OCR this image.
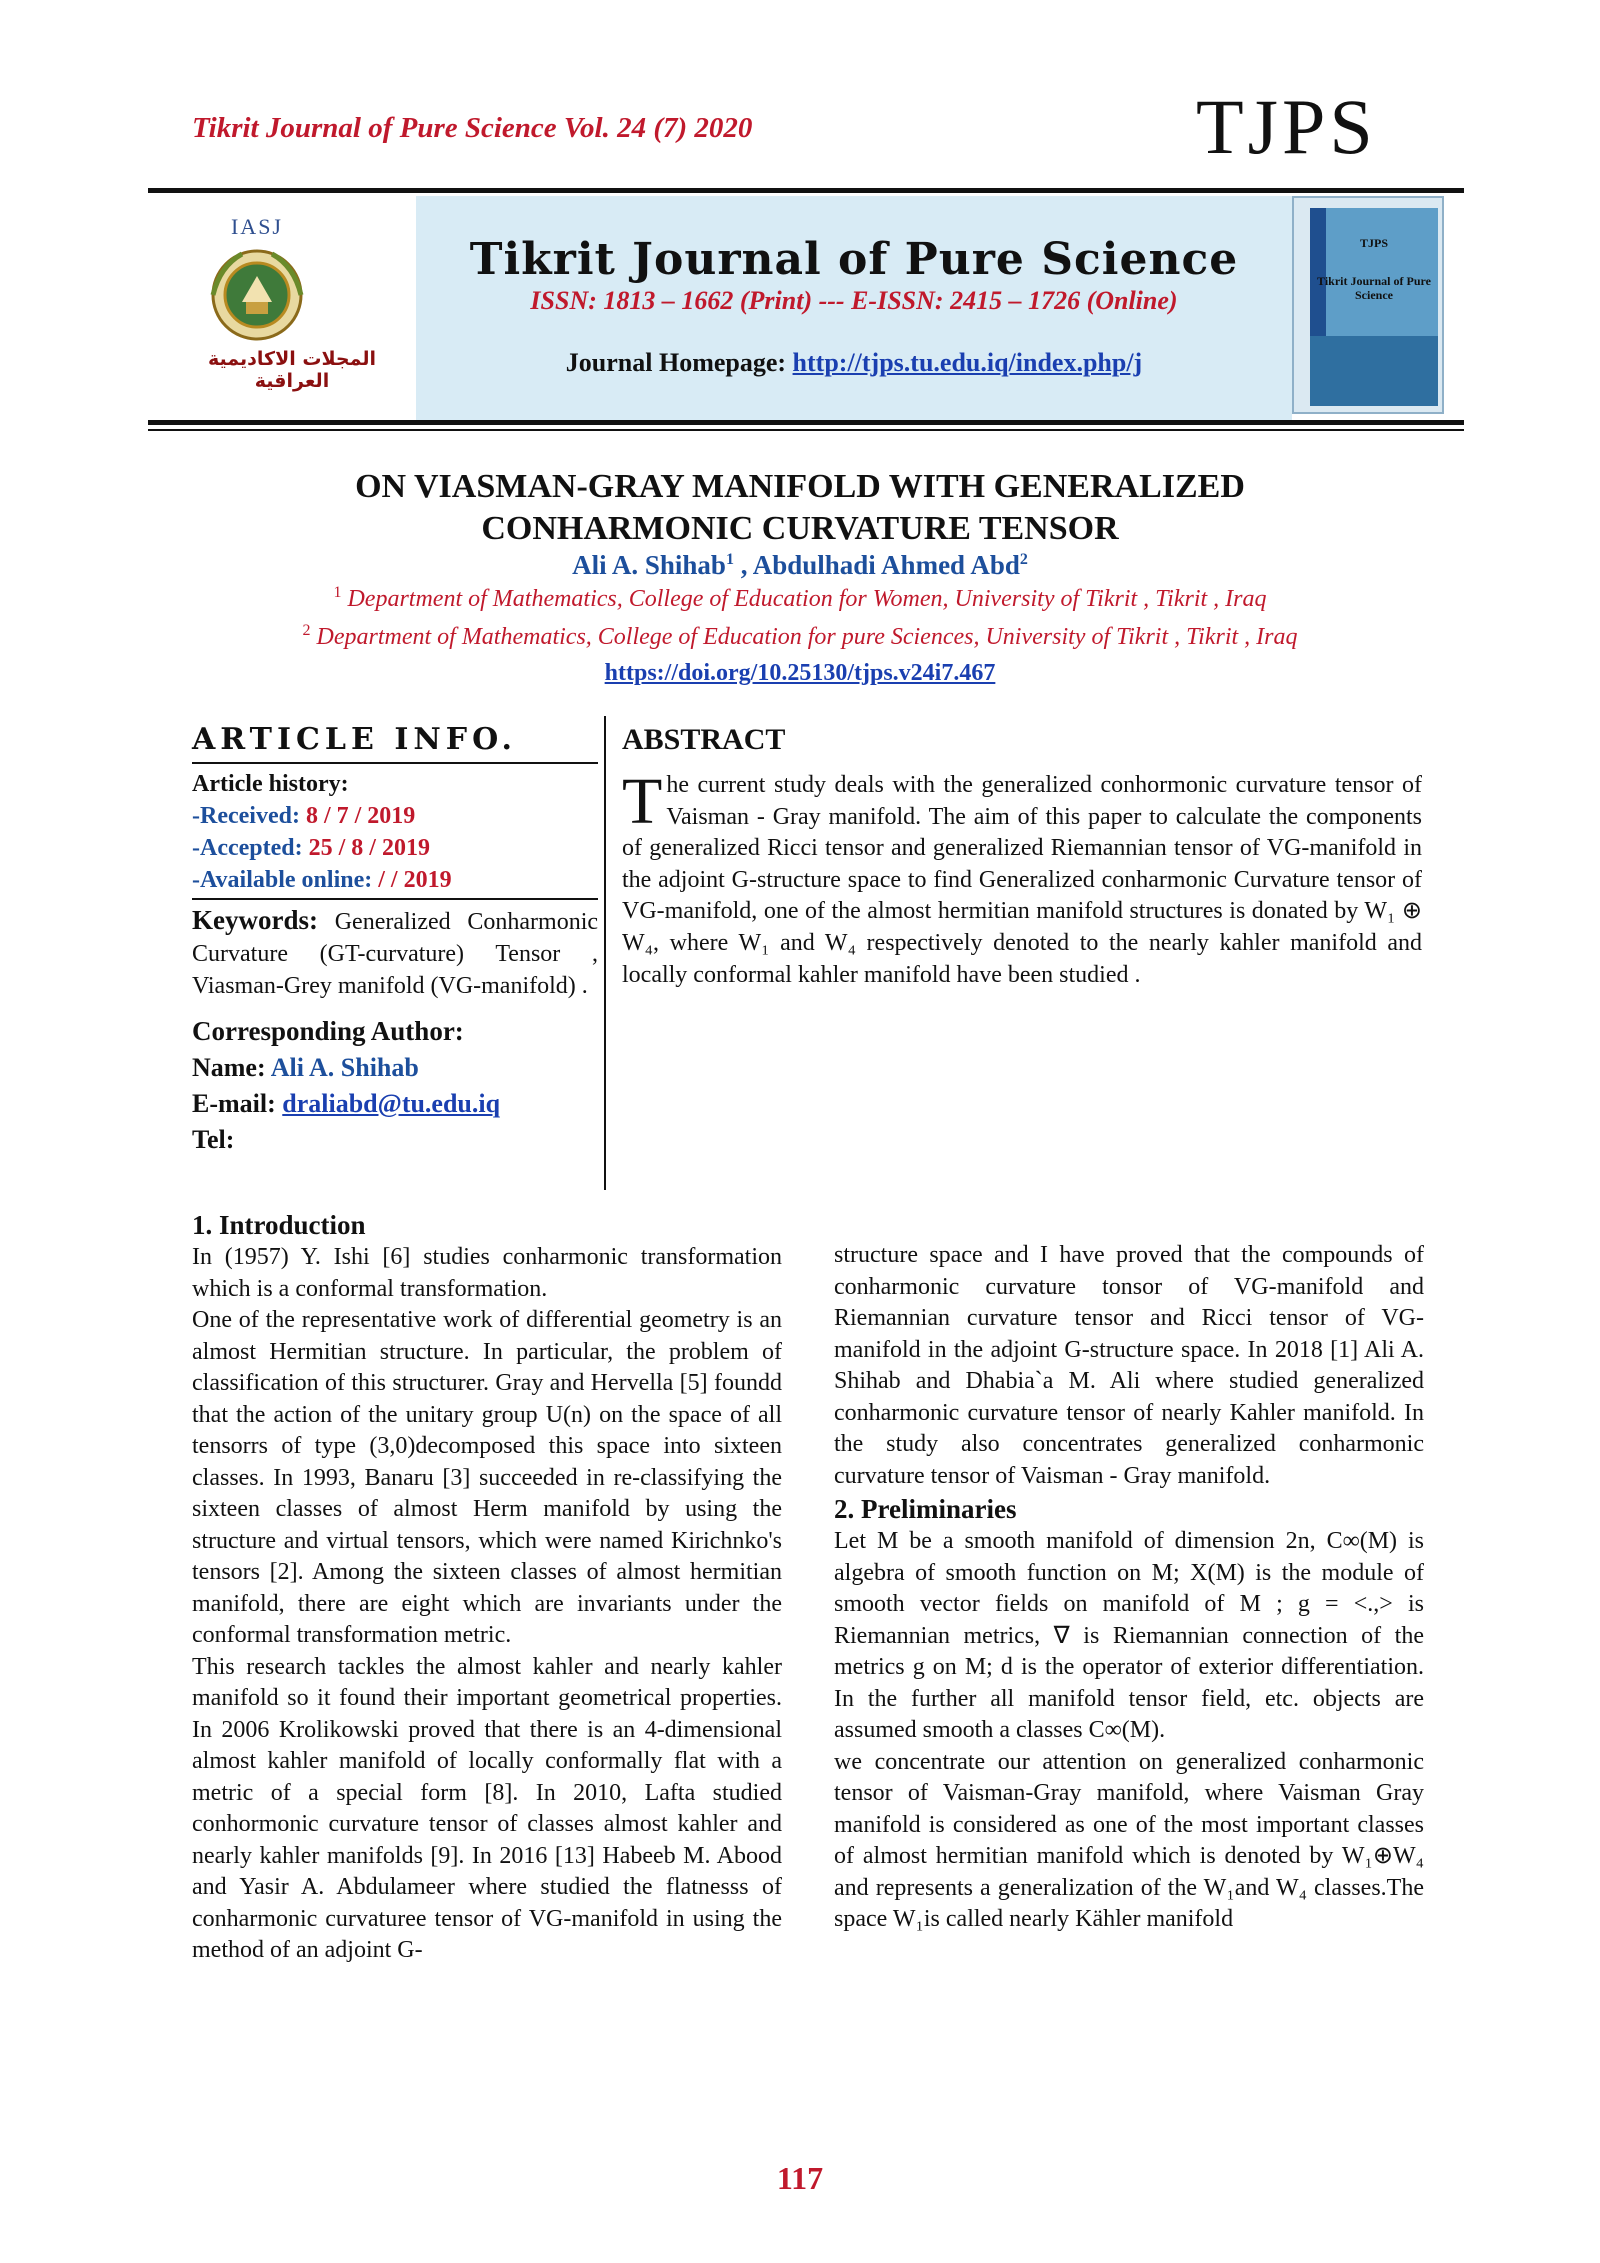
Tikrit Journal of Pure Science Vol. 24 (7) 2020	TJPS
IASJ
المجلات الاكاديمية العراقية
Tikrit Journal of Pure Science
ISSN: 1813 – 1662 (Print) --- E-ISSN: 2415 – 1726 (Online)
Journal Homepage: http://tjps.tu.edu.iq/index.php/j
TJPS
Tikrit Journal of Pure Science
ON VIASMAN-GRAY MANIFOLD WITH GENERALIZED
CONHARMONIC CURVATURE TENSOR
Ali A. Shihab$^1$ , Abdulhadi Ahmed Abd$^2$
$^1$ Department of Mathematics, College of Education for Women, University of Tikrit , Tikrit , Iraq
$^2$ Department of Mathematics, College of Education for pure Sciences, University of Tikrit , Tikrit , Iraq
https://doi.org/10.25130/tjps.v24i7.467
ARTICLE INFO.
Article history:
-Received: 8 / 7 / 2019
-Accepted: 25 / 8 / 2019
-Available online: / / 2019
Keywords: Generalized Conharmonic Curvature (GT-curvature) Tensor , Viasman-Grey manifold (VG-manifold) .
Corresponding Author:
Name: Ali A. Shihab
E-mail: draliabd@tu.edu.iq
Tel:
ABSTRACT
The current study deals with the generalized conhormonic curvature tensor of Vaisman - Gray manifold. The aim of this paper to calculate the components of generalized Ricci tensor and generalized Riemannian tensor of VG-manifold in the adjoint G-structure space to find Generalized conharmonic Curvature tensor of VG-manifold, one of the almost hermitian manifold structures is donated by W₁ ⊕ W₄, where W₁ and W₄ respectively denoted to the nearly kahler manifold and locally conformal kahler manifold have been studied .
1. Introduction

In (1957) Y. Ishi [6] studies conharmonic transformation which is a conformal transformation.

One of the representative work of differential geometry is an almost Hermitian structure. In particular, the problem of classification of this structurer. Gray and Hervella [5] foundd that the action of the unitary group U(n) on the space of all tensorrs of type (3,0)decomposed this space into sixteen classes. In 1993, Banaru [3] succeeded in re-classifying the sixteen classes of almost Herm manifold by using the structure and virtual tensors, which were named Kirichnko's tensors [2]. Among the sixteen classes of almost hermitian manifold, there are eight which are invariants under the conformal transformation metric.

This research tackles the almost kahler and nearly kahler manifold so it found their important geometrical properties. In 2006 Krolikowski proved that there is an 4-dimensional almost kahler manifold of locally conformally flat with a metric of a special form [8]. In 2010, Lafta studied conhormonic curvature tensor of classes almost kahler and nearly kahler manifolds [9]. In 2016 [13] Habeeb M. Abood and Yasir A. Abdulameer where studied the flatnesss of conharmonic curvaturee tensor of VG-manifold in using the method of an adjoint G-

structure space and I have proved that the compounds of conharmonic curvature tonsor of VG-manifold and Riemannian curvature tensor and Ricci tensor of VG-manifold in the adjoint G-structure space. In 2018 [1] Ali A. Shihab and Dhabia`a M. Ali where studied generalized conharmonic curvature tensor of nearly Kahler manifold. In the study also concentrates generalized conharmonic curvature tensor of Vaisman - Gray manifold.

2. Preliminaries

Let M be a smooth manifold of dimension 2n, C∞(M) is algebra of smooth function on M; X(M) is the module of smooth vector fields on manifold of M ; g = <.,> is Riemannian metrics, ∇ is Riemannian connection of the metrics g on M; d is the operator of exterior differentiation. In the further all manifold tensor field, etc. objects are assumed smooth a classes C∞(M).

we concentrate our attention on generalized conharmonic tensor of Vaisman-Gray manifold, where Vaisman Gray manifold is considered as one of the most important classes of almost hermitian manifold which is denoted by W₁⊕W₄ and represents a generalization of the W₁and W₄ classes.The space W₁is called nearly Kähler manifold

117
